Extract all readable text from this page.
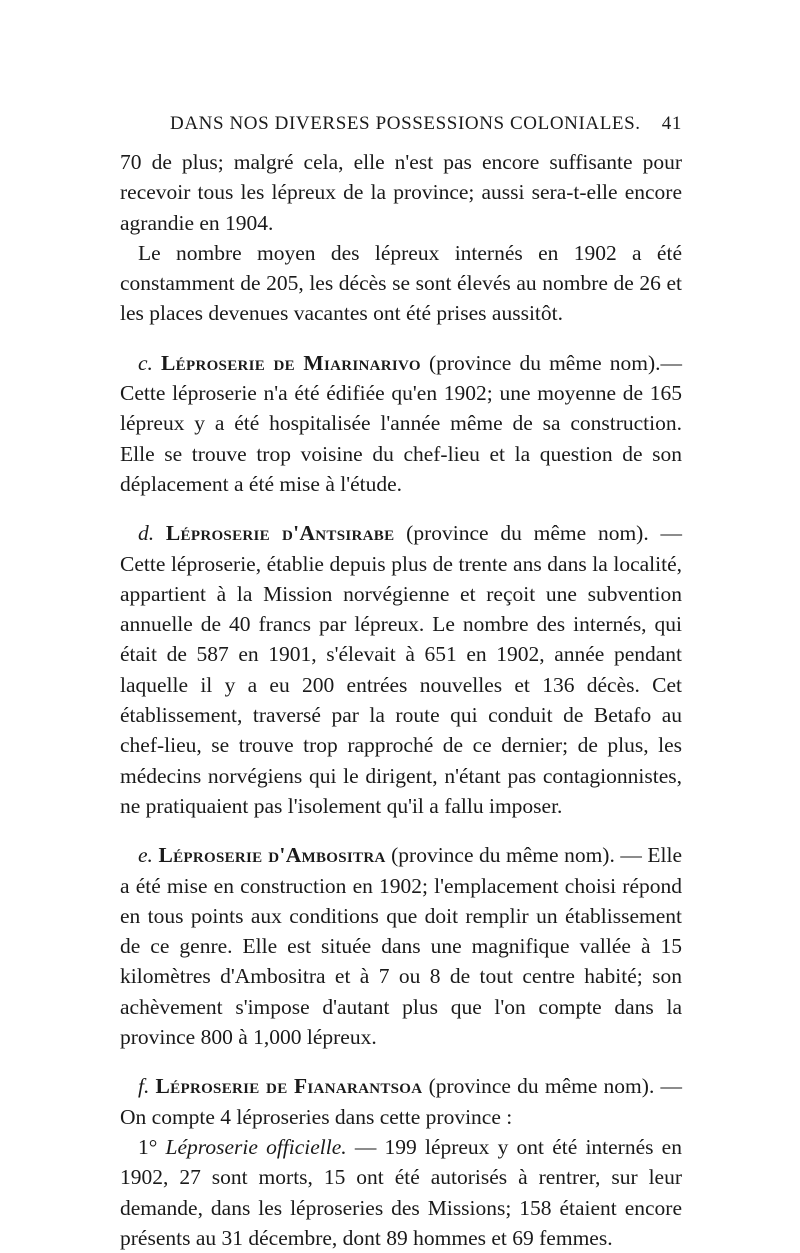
DANS NOS DIVERSES POSSESSIONS COLONIALES. 41

70 de plus; malgré cela, elle n'est pas encore suffisante pour recevoir tous les lépreux de la province; aussi sera-t-elle encore agrandie en 1904.

Le nombre moyen des lépreux internés en 1902 a été constamment de 205, les décès se sont élevés au nombre de 26 et les places devenues vacantes ont été prises aussitôt.

c. Léproserie de Miarinarivo (province du même nom).— Cette léproserie n'a été édifiée qu'en 1902; une moyenne de 165 lépreux y a été hospitalisée l'année même de sa construction. Elle se trouve trop voisine du chef-lieu et la question de son déplacement a été mise à l'étude.

d. Léproserie d'Antsirabe (province du même nom). — Cette léproserie, établie depuis plus de trente ans dans la localité, appartient à la Mission norvégienne et reçoit une subvention annuelle de 40 francs par lépreux. Le nombre des internés, qui était de 587 en 1901, s'élevait à 651 en 1902, année pendant laquelle il y a eu 200 entrées nouvelles et 136 décès. Cet établissement, traversé par la route qui conduit de Betafo au chef-lieu, se trouve trop rapproché de ce dernier; de plus, les médecins norvégiens qui le dirigent, n'étant pas contagionnistes, ne pratiquaient pas l'isolement qu'il a fallu imposer.

e. Léproserie d'Ambositra (province du même nom). — Elle a été mise en construction en 1902; l'emplacement choisi répond en tous points aux conditions que doit remplir un établissement de ce genre. Elle est située dans une magnifique vallée à 15 kilomètres d'Ambositra et à 7 ou 8 de tout centre habité; son achèvement s'impose d'autant plus que l'on compte dans la province 800 à 1,000 lépreux.

f. Léproserie de Fianarantsoa (province du même nom). — On compte 4 léproseries dans cette province :

1° Léproserie officielle. — 199 lépreux y ont été internés en 1902, 27 sont morts, 15 ont été autorisés à rentrer, sur leur demande, dans les léproseries des Missions; 158 étaient encore présents au 31 décembre, dont 89 hommes et 69 femmes.
